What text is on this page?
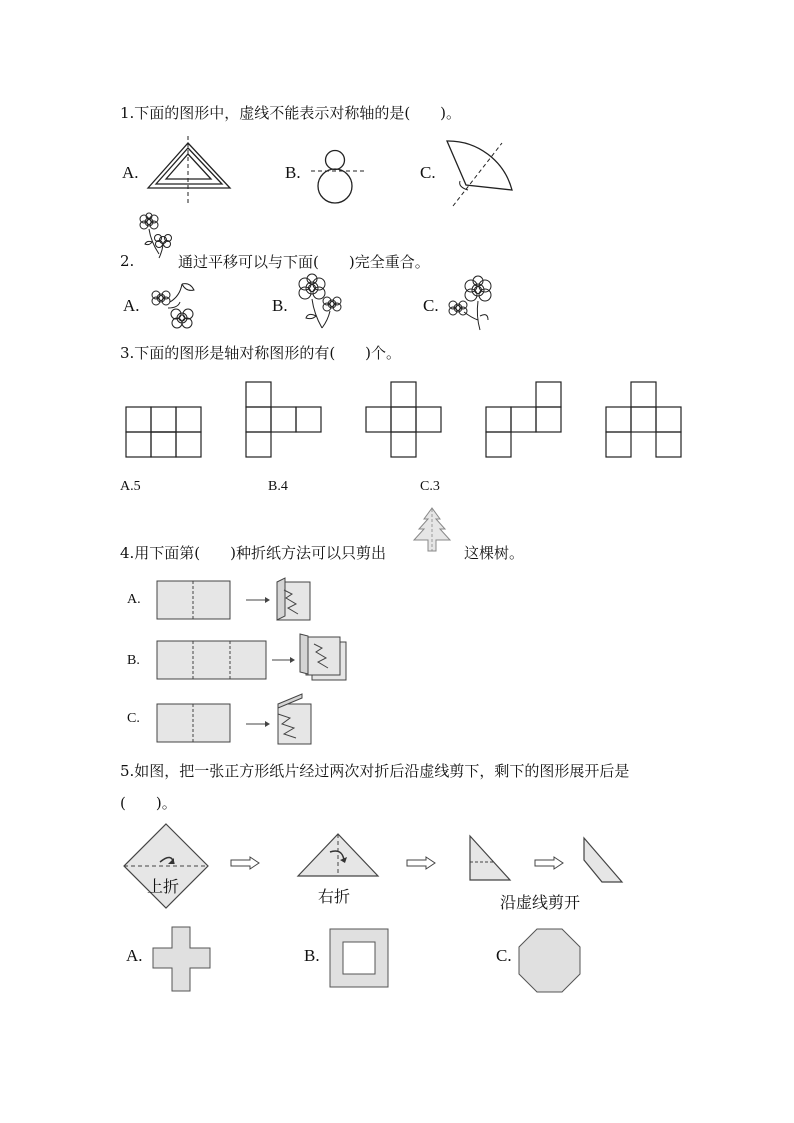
1.下面的图形中，虚线不能表示对称轴的是(　　)。
A.	B.	C.
2.	通过平移可以与下面(　　)完全重合。
A.	B.	C.
3.下面的图形是轴对称图形的有(　　)个。
A.5	B.4	C.3
4.用下面第(　　)种折纸方法可以只剪出	这棵树。
A.
B.
C.
5.如图，把一张正方形纸片经过两次对折后沿虚线剪下，剩下的图形展开后是
(　　)。
上折
右折	沿虚线剪开
A.	B.	C.
